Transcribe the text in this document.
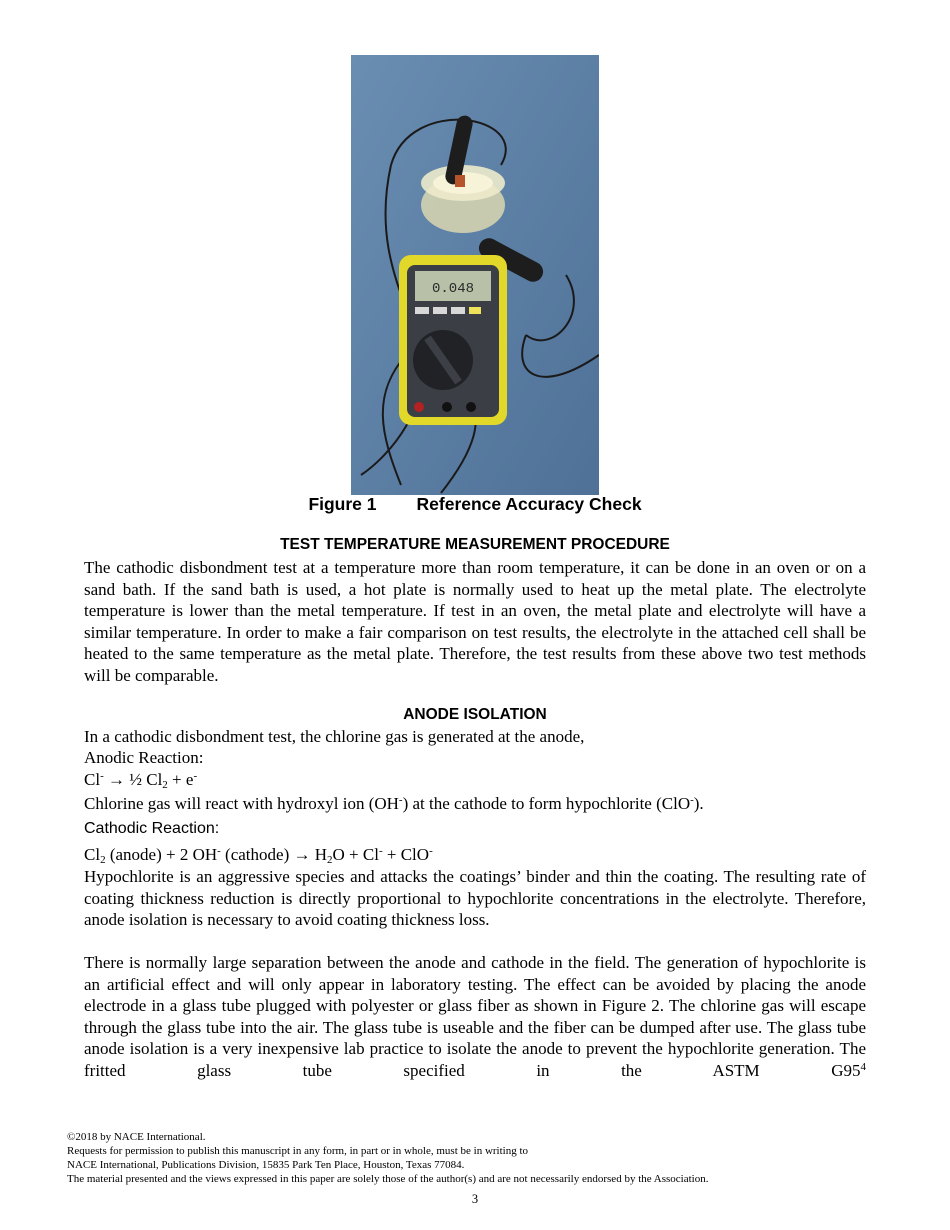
0.048
Figure 1 Reference Accuracy Check
TEST TEMPERATURE MEASUREMENT PROCEDURE

The cathodic disbondment test at a temperature more than room temperature, it can be done in an oven or on a sand bath. If the sand bath is used, a hot plate is normally used to heat up the metal plate. The electrolyte temperature is lower than the metal temperature. If test in an oven, the metal plate and electrolyte will have a similar temperature. In order to make a fair comparison on test results, the electrolyte in the attached cell shall be heated to the same temperature as the metal plate. Therefore, the test results from these above two test methods will be comparable.

ANODE ISOLATION
In a cathodic disbondment test, the chlorine gas is generated at the anode,
Anodic Reaction:
Cl- → ½ $Cl_2 + e^-$
Chlorine gas will react with hydroxyl ion (OH-) at the cathode to form hypochlorite (ClO-).
Cathodic Reaction:
$Cl_2$ (anode) + 2 OH- (cathode) → $H_2O + Cl^- + ClO^-$

Hypochlorite is an aggressive species and attacks the coatings’ binder and thin the coating. The resulting rate of coating thickness reduction is directly proportional to hypochlorite concentrations in the electrolyte. Therefore, anode isolation is necessary to avoid coating thickness loss.

There is normally large separation between the anode and cathode in the field. The generation of hypochlorite is an artificial effect and will only appear in laboratory testing. The effect can be avoided by placing the anode electrode in a glass tube plugged with polyester or glass fiber as shown in Figure 2. The chlorine gas will escape through the glass tube into the air. The glass tube is useable and the fiber can be dumped after use. The glass tube anode isolation is a very inexpensive lab practice to isolate the anode to prevent the hypochlorite generation. The fritted glass tube specified in the ASTM $G95^4$

©2018 by NACE International.
Requests for permission to publish this manuscript in any form, in part or in whole, must be in writing to
NACE International, Publications Division, 15835 Park Ten Place, Houston, Texas 77084.
The material presented and the views expressed in this paper are solely those of the author(s) and are not necessarily endorsed by the Association.
3
